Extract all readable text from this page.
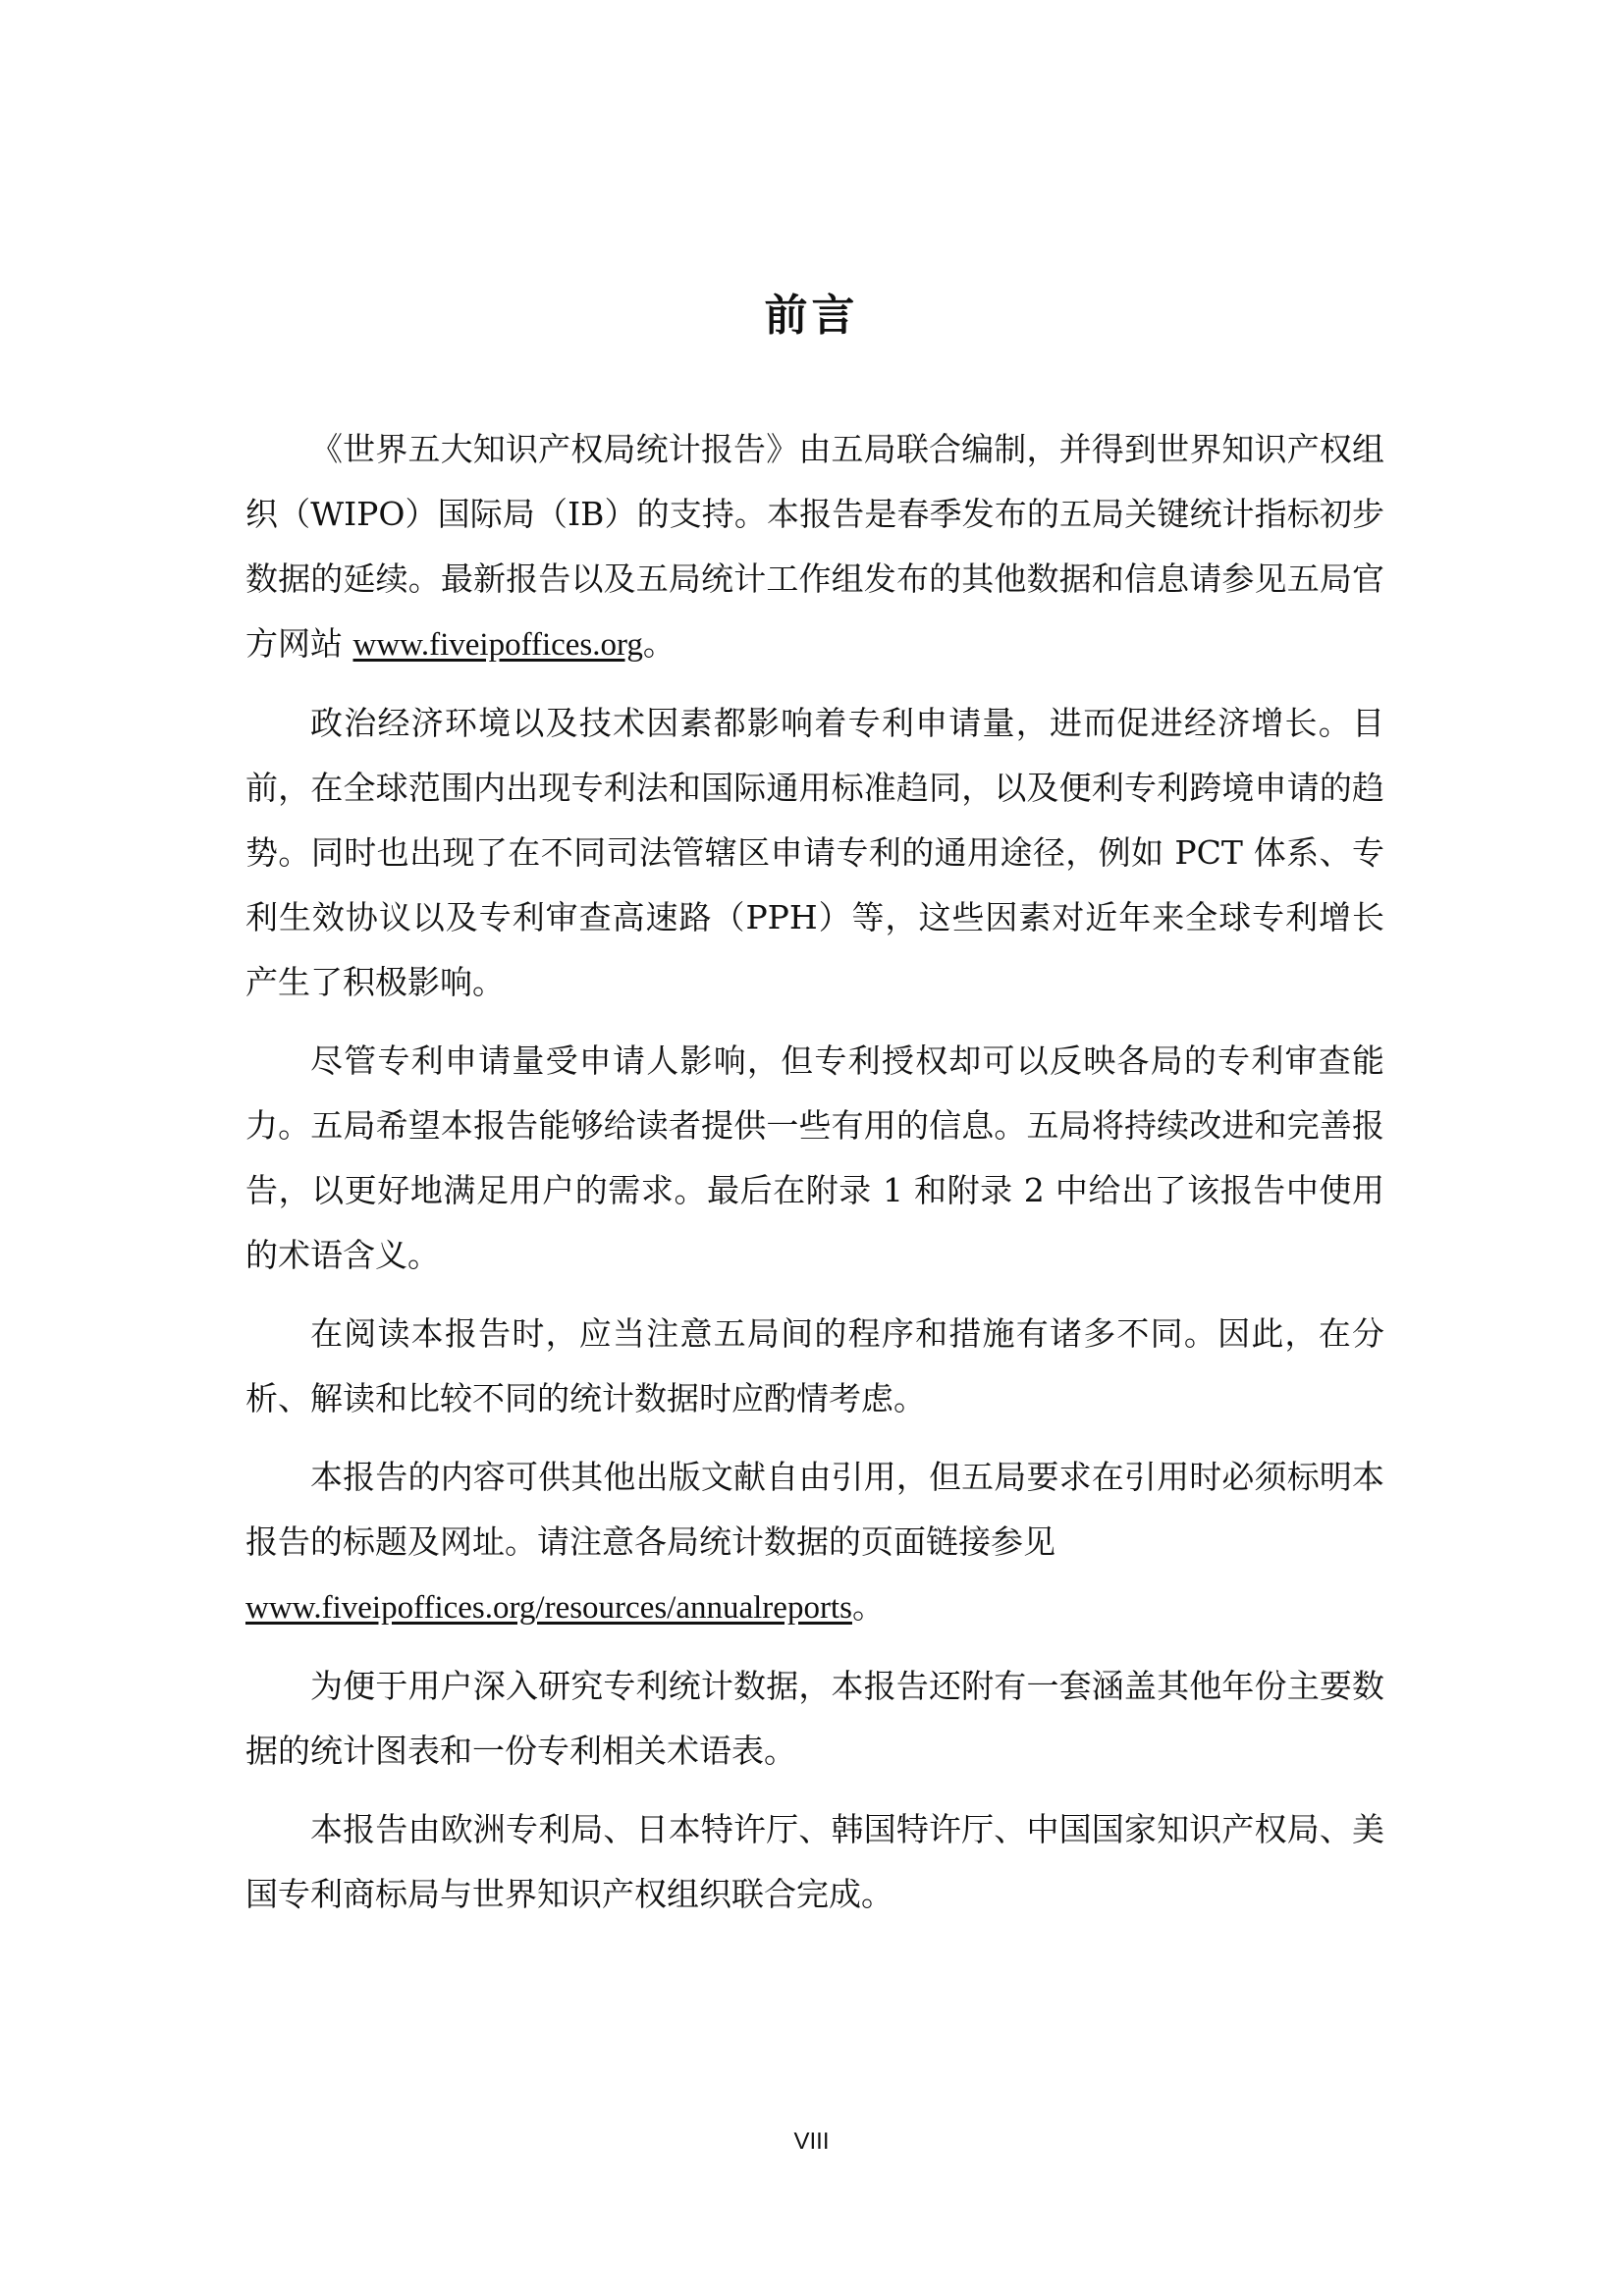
前言

《世界五大知识产权局统计报告》由五局联合编制，并得到世界知识产权组织（WIPO）国际局（IB）的支持。本报告是春季发布的五局关键统计指标初步数据的延续。最新报告以及五局统计工作组发布的其他数据和信息请参见五局官方网站 www.fiveipoffices.org。

政治经济环境以及技术因素都影响着专利申请量，进而促进经济增长。目前，在全球范围内出现专利法和国际通用标准趋同，以及便利专利跨境申请的趋势。同时也出现了在不同司法管辖区申请专利的通用途径，例如 PCT 体系、专利生效协议以及专利审查高速路（PPH）等，这些因素对近年来全球专利增长产生了积极影响。

尽管专利申请量受申请人影响，但专利授权却可以反映各局的专利审查能力。五局希望本报告能够给读者提供一些有用的信息。五局将持续改进和完善报告，以更好地满足用户的需求。最后在附录 1 和附录 2 中给出了该报告中使用的术语含义。

在阅读本报告时，应当注意五局间的程序和措施有诸多不同。因此，在分析、解读和比较不同的统计数据时应酌情考虑。

本报告的内容可供其他出版文献自由引用，但五局要求在引用时必须标明本报告的标题及网址。请注意各局统计数据的页面链接参见
www.fiveipoffices.org/resources/annualreports。

为便于用户深入研究专利统计数据，本报告还附有一套涵盖其他年份主要数据的统计图表和一份专利相关术语表。

本报告由欧洲专利局、日本特许厅、韩国特许厅、中国国家知识产权局、美国专利商标局与世界知识产权组织联合完成。

VIII
